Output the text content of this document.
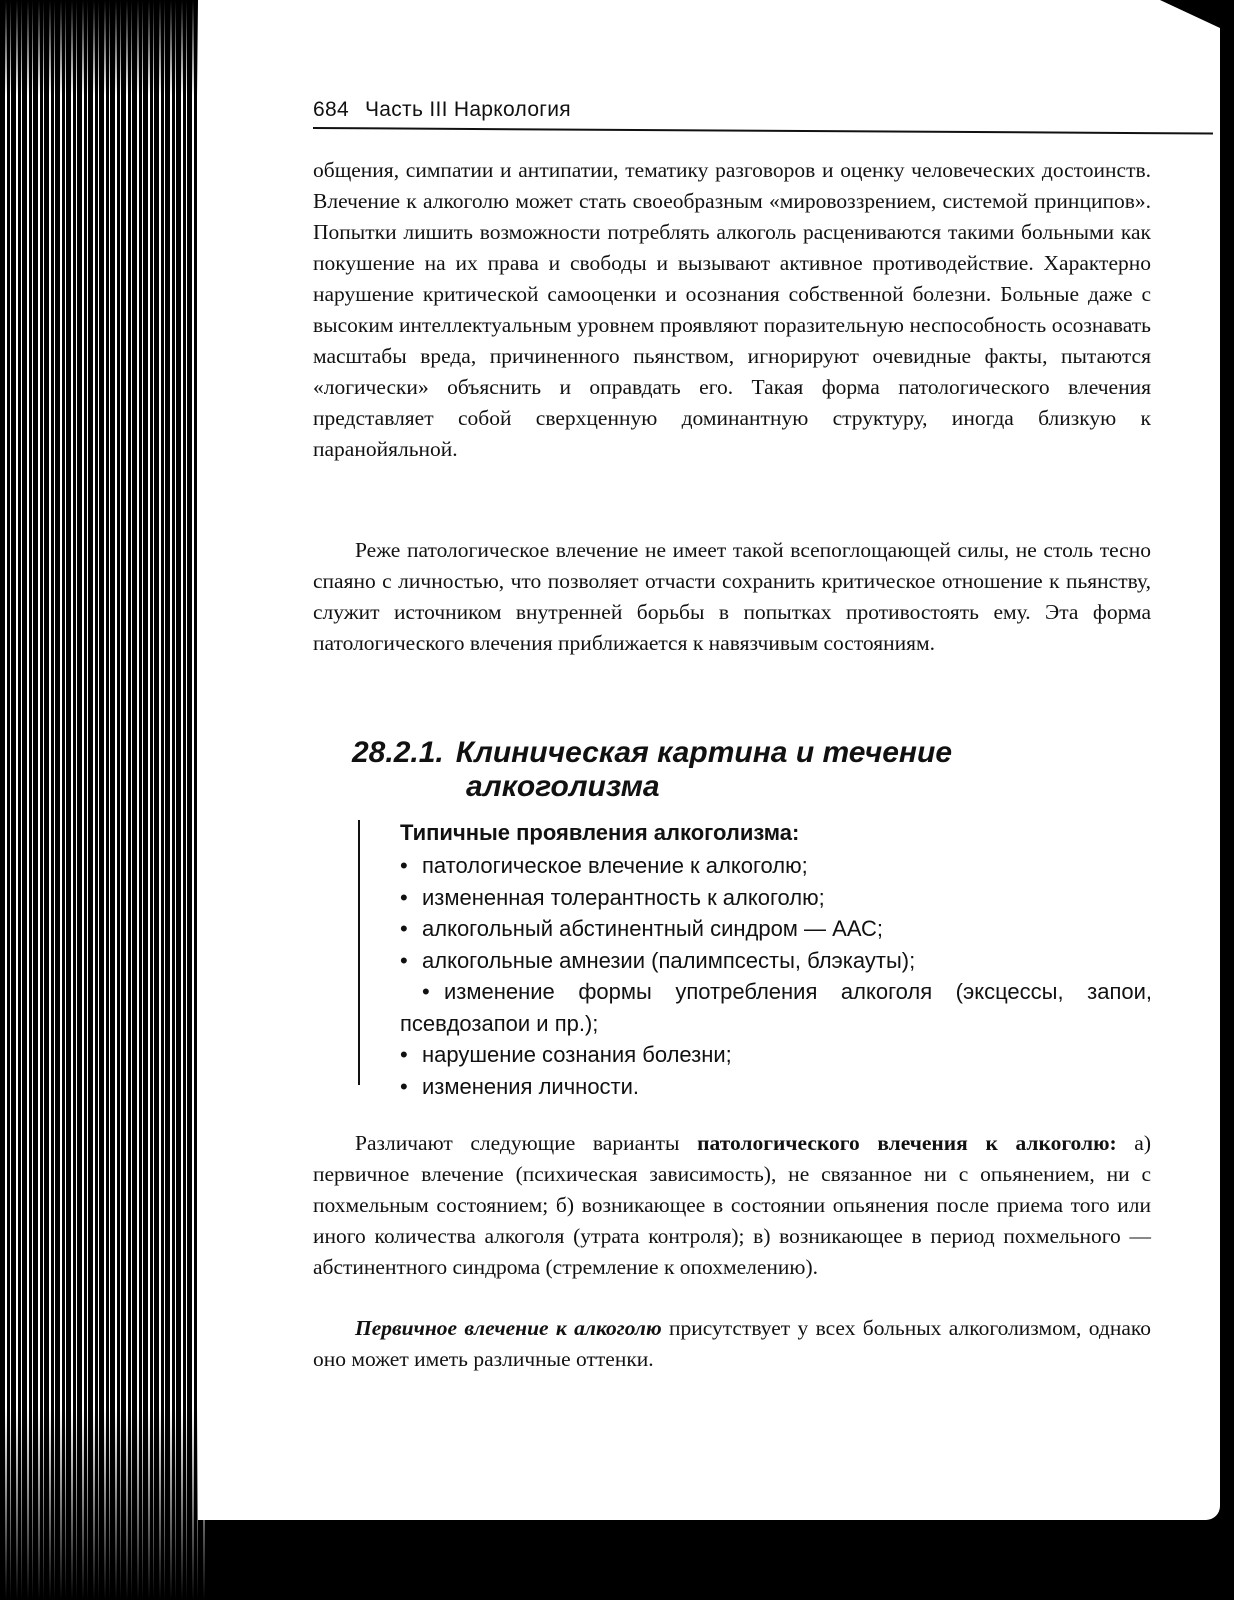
684 Часть III Наркология
общения, симпатии и антипатии, тематику разговоров и оценку человеческих достоинств. Влечение к алкоголю может стать своеобразным «мировоззрением, системой принципов». Попытки лишить возможности потреблять алкоголь расцениваются такими больными как покушение на их права и свободы и вызывают активное противодействие. Характерно нарушение критической самооценки и осознания собственной болезни. Больные даже с высоким интеллектуальным уровнем проявляют поразительную неспособность осознавать масштабы вреда, причиненного пьянством, игнорируют очевидные факты, пытаются «логически» объяснить и оправдать его. Такая форма патологического влечения представляет собой сверхценную доминантную структуру, иногда близкую к паранойяльной.
Реже патологическое влечение не имеет такой всепоглощающей силы, не столь тесно спаяно с личностью, что позволяет отчасти сохранить критическое отношение к пьянству, служит источником внутренней борьбы в попытках противостоять ему. Эта форма патологического влечения приближается к навязчивым состояниям.
28.2.1. Клиническая картина и течение
алкоголизма
Типичные проявления алкоголизма:
• патологическое влечение к алкоголю;
• измененная толерантность к алкоголю;
• алкогольный абстинентный синдром — ААС;
• алкогольные амнезии (палимпсесты, блэкауты);
• изменение формы употребления алкоголя (эксцессы, запои, псевдозапои и пр.);
• нарушение сознания болезни;
• изменения личности.
Различают следующие варианты патологического влечения к алкоголю: а) первичное влечение (психическая зависимость), не связанное ни с опьянением, ни с похмельным состоянием; б) возникающее в состоянии опьянения после приема того или иного количества алкоголя (утрата контроля); в) возникающее в период похмельного — абстинентного синдрома (стремление к опохмелению).
Первичное влечение к алкоголю присутствует у всех больных алкоголизмом, однако оно может иметь различные оттенки.
